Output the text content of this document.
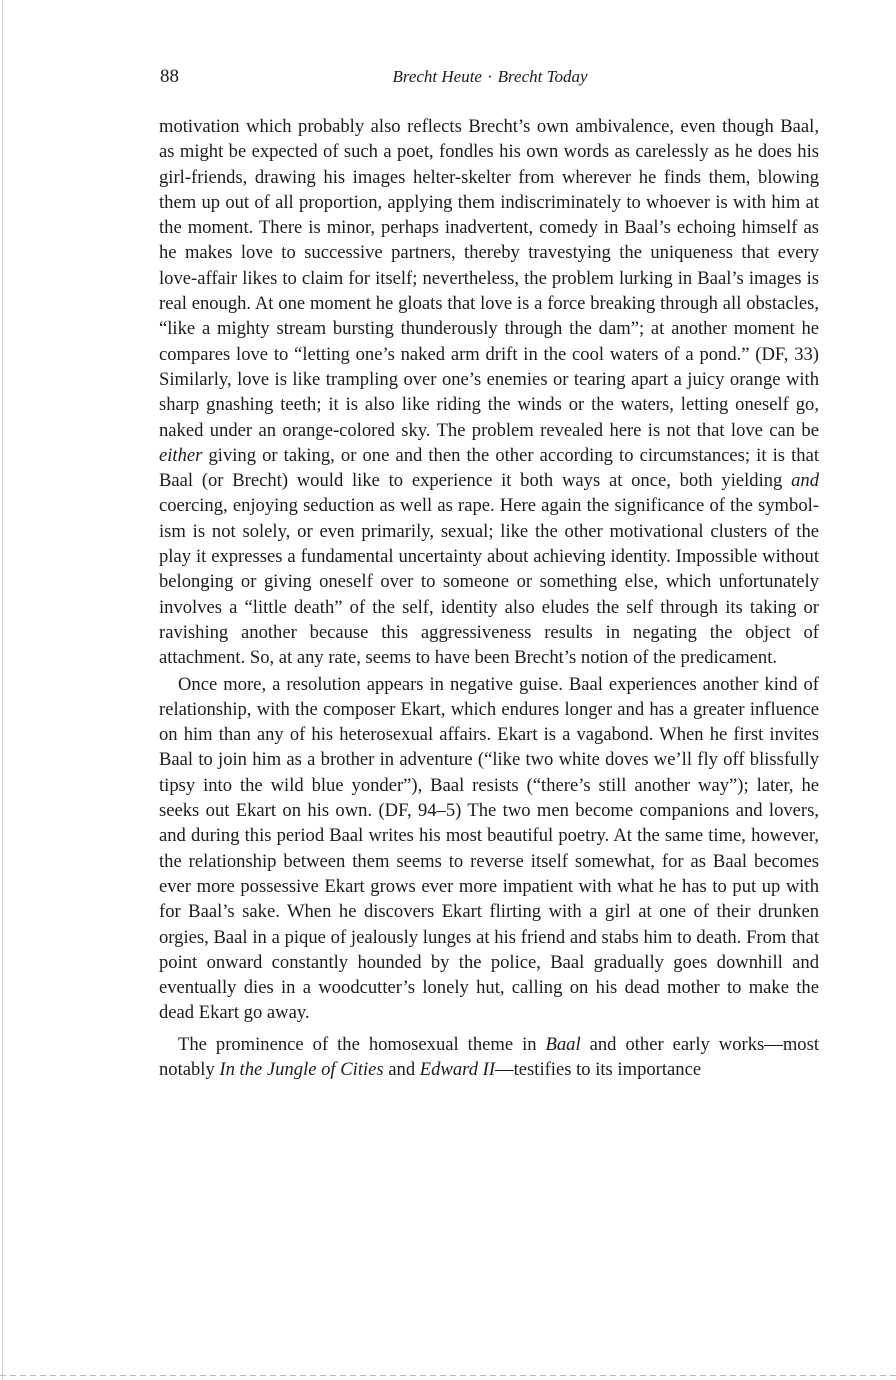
88	Brecht Heute · Brecht Today

motivation which probably also reflects Brecht’s own ambivalence, even though Baal, as might be expected of such a poet, fondles his own words as carelessly as he does his girl-friends, drawing his images helter-skelter from wherever he finds them, blowing them up out of all proportion, applying them indiscriminately to whoever is with him at the moment. There is minor, perhaps inadvertent, comedy in Baal’s echoing himself as he makes love to successive partners, thereby travestying the uniqueness that every love-affair likes to claim for itself; nevertheless, the problem lurking in Baal’s images is real enough. At one moment he gloats that love is a force breaking through all obstacles, “like a mighty stream bursting thunderously through the dam”; at another moment he compares love to “letting one’s naked arm drift in the cool waters of a pond.” (DF, 33) Similarly, love is like trampling over one’s enemies or tearing apart a juicy orange with sharp gnashing teeth; it is also like riding the winds or the waters, letting oneself go, naked under an orange-colored sky. The problem revealed here is not that love can be either giving or taking, or one and then the other according to circumstances; it is that Baal (or Brecht) would like to experience it both ways at once, both yielding and coercing, enjoying seduction as well as rape. Here again the significance of the symbolism is not solely, or even primarily, sexual; like the other motivational clusters of the play it expresses a fundamental uncertainty about achieving identity. Impossible without belonging or giving oneself over to someone or something else, which unfortunately involves a “little death” of the self, identity also eludes the self through its taking or ravishing another because this aggressiveness results in negating the object of attachment. So, at any rate, seems to have been Brecht’s notion of the predicament.

Once more, a resolution appears in negative guise. Baal experiences another kind of relationship, with the composer Ekart, which endures longer and has a greater influence on him than any of his heterosexual affairs. Ekart is a vagabond. When he first invites Baal to join him as a brother in adventure (“like two white doves we’ll fly off blissfully tipsy into the wild blue yonder”), Baal resists (“there’s still another way”); later, he seeks out Ekart on his own. (DF, 94–5) The two men become companions and lovers, and during this period Baal writes his most beautiful poetry. At the same time, however, the relationship between them seems to reverse itself somewhat, for as Baal becomes ever more possessive Ekart grows ever more impatient with what he has to put up with for Baal’s sake. When he discovers Ekart flirting with a girl at one of their drunken orgies, Baal in a pique of jealously lunges at his friend and stabs him to death. From that point onward constantly hounded by the police, Baal gradually goes downhill and eventually dies in a woodcutter’s lonely hut, calling on his dead mother to make the dead Ekart go away.

The prominence of the homosexual theme in Baal and other early works—most notably In the Jungle of Cities and Edward II—testifies to its importance
